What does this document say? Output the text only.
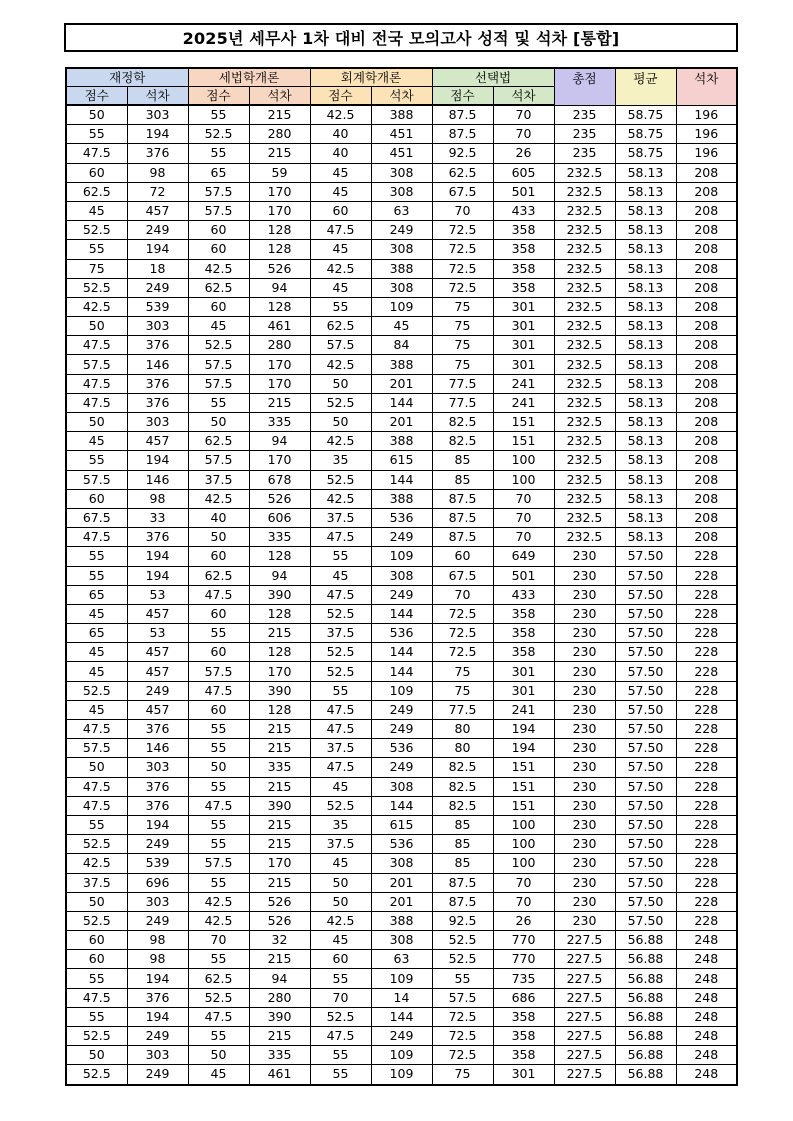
2025년 세무사 1차 대비 전국 모의고사 성적 및 석차 [통합]
재정학		세법학개론		회계학개론		선택법		총점	평균	석차
점수	석차	점수	석차	점수	석차	점수	석차			
50	303	55	215	42.5	388	87.5	70	235	58.75	196
55	194	52.5	280	40	451	87.5	70	235	58.75	196
47.5	376	55	215	40	451	92.5	26	235	58.75	196
60	98	65	59	45	308	62.5	605	232.5	58.13	208
62.5	72	57.5	170	45	308	67.5	501	232.5	58.13	208
45	457	57.5	170	60	63	70	433	232.5	58.13	208
52.5	249	60	128	47.5	249	72.5	358	232.5	58.13	208
55	194	60	128	45	308	72.5	358	232.5	58.13	208
75	18	42.5	526	42.5	388	72.5	358	232.5	58.13	208
52.5	249	62.5	94	45	308	72.5	358	232.5	58.13	208
42.5	539	60	128	55	109	75	301	232.5	58.13	208
50	303	45	461	62.5	45	75	301	232.5	58.13	208
47.5	376	52.5	280	57.5	84	75	301	232.5	58.13	208
57.5	146	57.5	170	42.5	388	75	301	232.5	58.13	208
47.5	376	57.5	170	50	201	77.5	241	232.5	58.13	208
47.5	376	55	215	52.5	144	77.5	241	232.5	58.13	208
50	303	50	335	50	201	82.5	151	232.5	58.13	208
45	457	62.5	94	42.5	388	82.5	151	232.5	58.13	208
55	194	57.5	170	35	615	85	100	232.5	58.13	208
57.5	146	37.5	678	52.5	144	85	100	232.5	58.13	208
60	98	42.5	526	42.5	388	87.5	70	232.5	58.13	208
67.5	33	40	606	37.5	536	87.5	70	232.5	58.13	208
47.5	376	50	335	47.5	249	87.5	70	232.5	58.13	208
55	194	60	128	55	109	60	649	230	57.50	228
55	194	62.5	94	45	308	67.5	501	230	57.50	228
65	53	47.5	390	47.5	249	70	433	230	57.50	228
45	457	60	128	52.5	144	72.5	358	230	57.50	228
65	53	55	215	37.5	536	72.5	358	230	57.50	228
45	457	60	128	52.5	144	72.5	358	230	57.50	228
45	457	57.5	170	52.5	144	75	301	230	57.50	228
52.5	249	47.5	390	55	109	75	301	230	57.50	228
45	457	60	128	47.5	249	77.5	241	230	57.50	228
47.5	376	55	215	47.5	249	80	194	230	57.50	228
57.5	146	55	215	37.5	536	80	194	230	57.50	228
50	303	50	335	47.5	249	82.5	151	230	57.50	228
47.5	376	55	215	45	308	82.5	151	230	57.50	228
47.5	376	47.5	390	52.5	144	82.5	151	230	57.50	228
55	194	55	215	35	615	85	100	230	57.50	228
52.5	249	55	215	37.5	536	85	100	230	57.50	228
42.5	539	57.5	170	45	308	85	100	230	57.50	228
37.5	696	55	215	50	201	87.5	70	230	57.50	228
50	303	42.5	526	50	201	87.5	70	230	57.50	228
52.5	249	42.5	526	42.5	388	92.5	26	230	57.50	228
60	98	70	32	45	308	52.5	770	227.5	56.88	248
60	98	55	215	60	63	52.5	770	227.5	56.88	248
55	194	62.5	94	55	109	55	735	227.5	56.88	248
47.5	376	52.5	280	70	14	57.5	686	227.5	56.88	248
55	194	47.5	390	52.5	144	72.5	358	227.5	56.88	248
52.5	249	55	215	47.5	249	72.5	358	227.5	56.88	248
50	303	50	335	55	109	72.5	358	227.5	56.88	248
52.5	249	45	461	55	109	75	301	227.5	56.88	248
